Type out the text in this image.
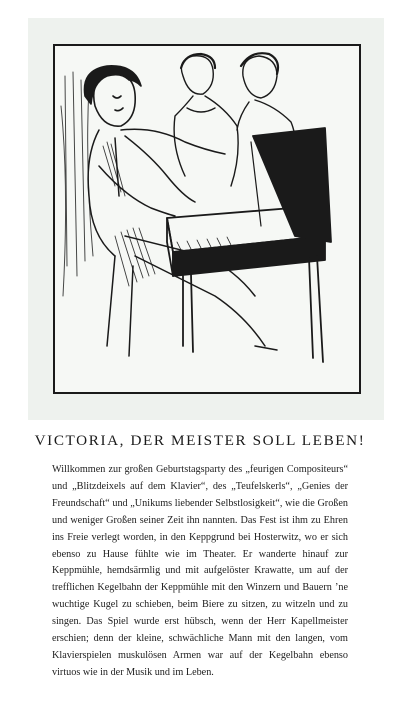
VICTORIA, DER MEISTER SOLL LEBEN!
Willkommen zur großen Geburtstagsparty des „feurigen Compositeurs“ und „Blitzdeixels auf dem Klavier“, des „Teufelskerls“, „Genies der Freundschaft“ und „Unikums liebender Selbstlosigkeit“, wie die Großen und weniger Großen seiner Zeit ihn nannten. Das Fest ist ihm zu Ehren ins Freie verlegt worden, in den Keppgrund bei Hosterwitz, wo er sich ebenso zu Hause fühlte wie im Theater. Er wanderte hinauf zur Keppmühle, hemdsärmlig und mit aufgelöster Krawatte, um auf der trefflichen Kegelbahn der Keppmühle mit den Winzern und Bauern ’ne wuchtige Kugel zu schieben, beim Biere zu sitzen, zu witzeln und zu singen. Das Spiel wurde erst hübsch, wenn der Herr Kapellmeister erschien; denn der kleine, schwächliche Mann mit den langen, vom Klavierspielen muskulösen Armen war auf der Kegelbahn ebenso virtuos wie in der Musik und im Leben.
